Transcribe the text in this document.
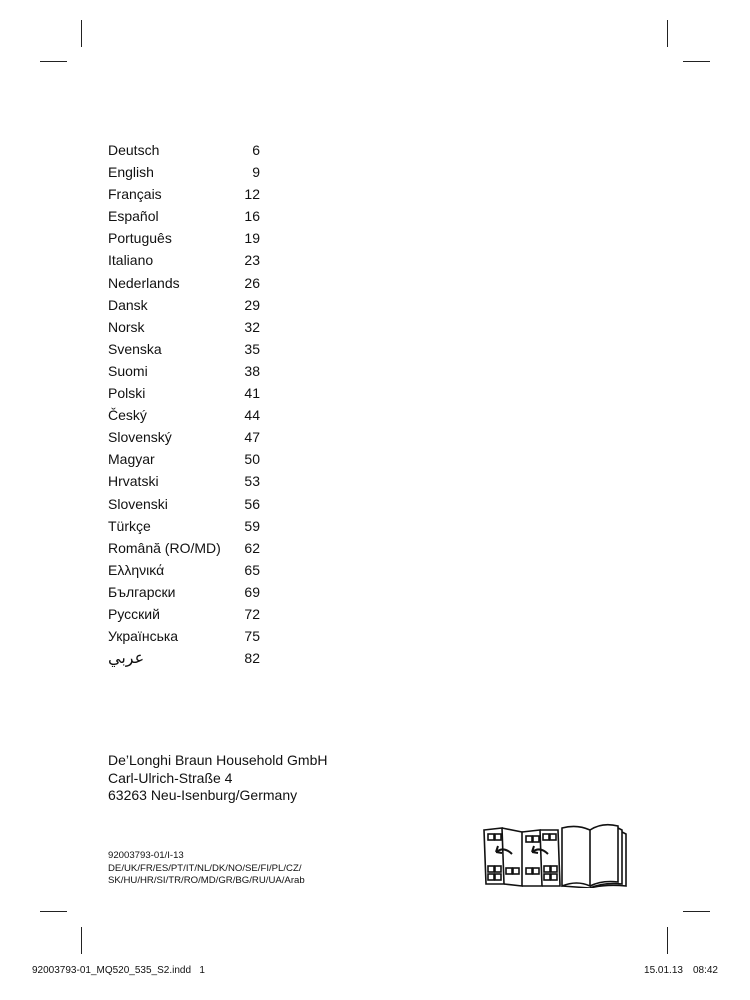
Deutsch	6
English	9
Français	12
Español	16
Português	19
Italiano	23
Nederlands	26
Dansk	29
Norsk	32
Svenska	35
Suomi	38
Polski	41
Český	44
Slovenský	47
Magyar	50
Hrvatski	53
Slovenski	56
Türkçe	59
Română (RO/MD)	62
Ελληνικά	65
Български	69
Русский	72
Українська	75
عربي	82
De’Longhi Braun Household GmbH
Carl-Ulrich-Straße 4
63263 Neu-Isenburg/Germany
92003793-01/I-13
DE/UK/FR/ES/PT/IT/NL/DK/NO/SE/FI/PL/CZ/
SK/HU/HR/SI/TR/RO/MD/GR/BG/RU/UA/Arab
92003793-01_MQ520_535_S2.indd   1	15.01.13 08:42
